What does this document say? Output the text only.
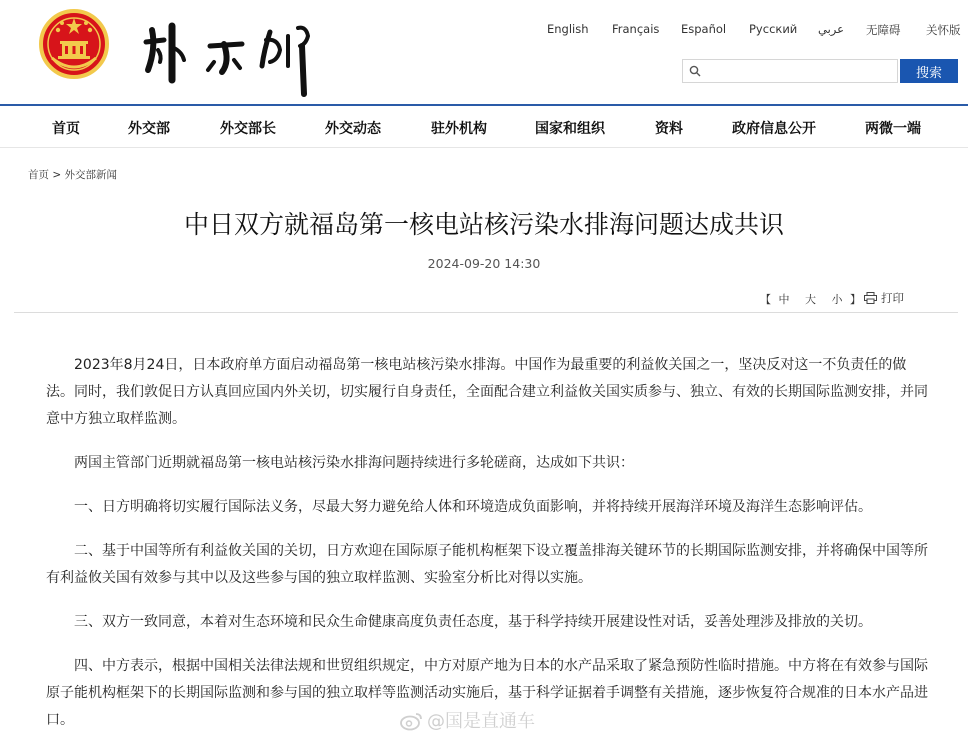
English Français Español Русский عربي 无障碍 关怀版
搜索
首页	外交部	外交部长	外交动态	驻外机构	国家和组织	资料	政府信息公开	两微一端
首页 > 外交部新闻
中日双方就福岛第一核电站核污染水排海问题达成共识
2024-09-20 14:30
【 中 大 小 】	打印

　　2023年8月24日，日本政府单方面启动福岛第一核电站核污染水排海。中国作为最重要的利益攸关国之一，坚决反对这一不负责任的做法。同时，我们敦促日方认真回应国内外关切，切实履行自身责任，全面配合建立利益攸关国实质参与、独立、有效的长期国际监测安排，并同意中方独立取样监测。

　　两国主管部门近期就福岛第一核电站核污染水排海问题持续进行多轮磋商，达成如下共识：

　　一、日方明确将切实履行国际法义务，尽最大努力避免给人体和环境造成负面影响，并将持续开展海洋环境及海洋生态影响评估。

　　二、基于中国等所有利益攸关国的关切，日方欢迎在国际原子能机构框架下设立覆盖排海关键环节的长期国际监测安排，并将确保中国等所有利益攸关国有效参与其中以及这些参与国的独立取样监测、实验室分析比对得以实施。

　　三、双方一致同意，本着对生态环境和民众生命健康高度负责任态度，基于科学持续开展建设性对话，妥善处理涉及排放的关切。

　　四、中方表示，根据中国相关法律法规和世贸组织规定，中方对原产地为日本的水产品采取了紧急预防性临时措施。中方将在有效参与国际原子能机构框架下的长期国际监测和参与国的独立取样等监测活动实施后，基于科学证据着手调整有关措施，逐步恢复符合规准的日本水产品进口。	@国是直通车
